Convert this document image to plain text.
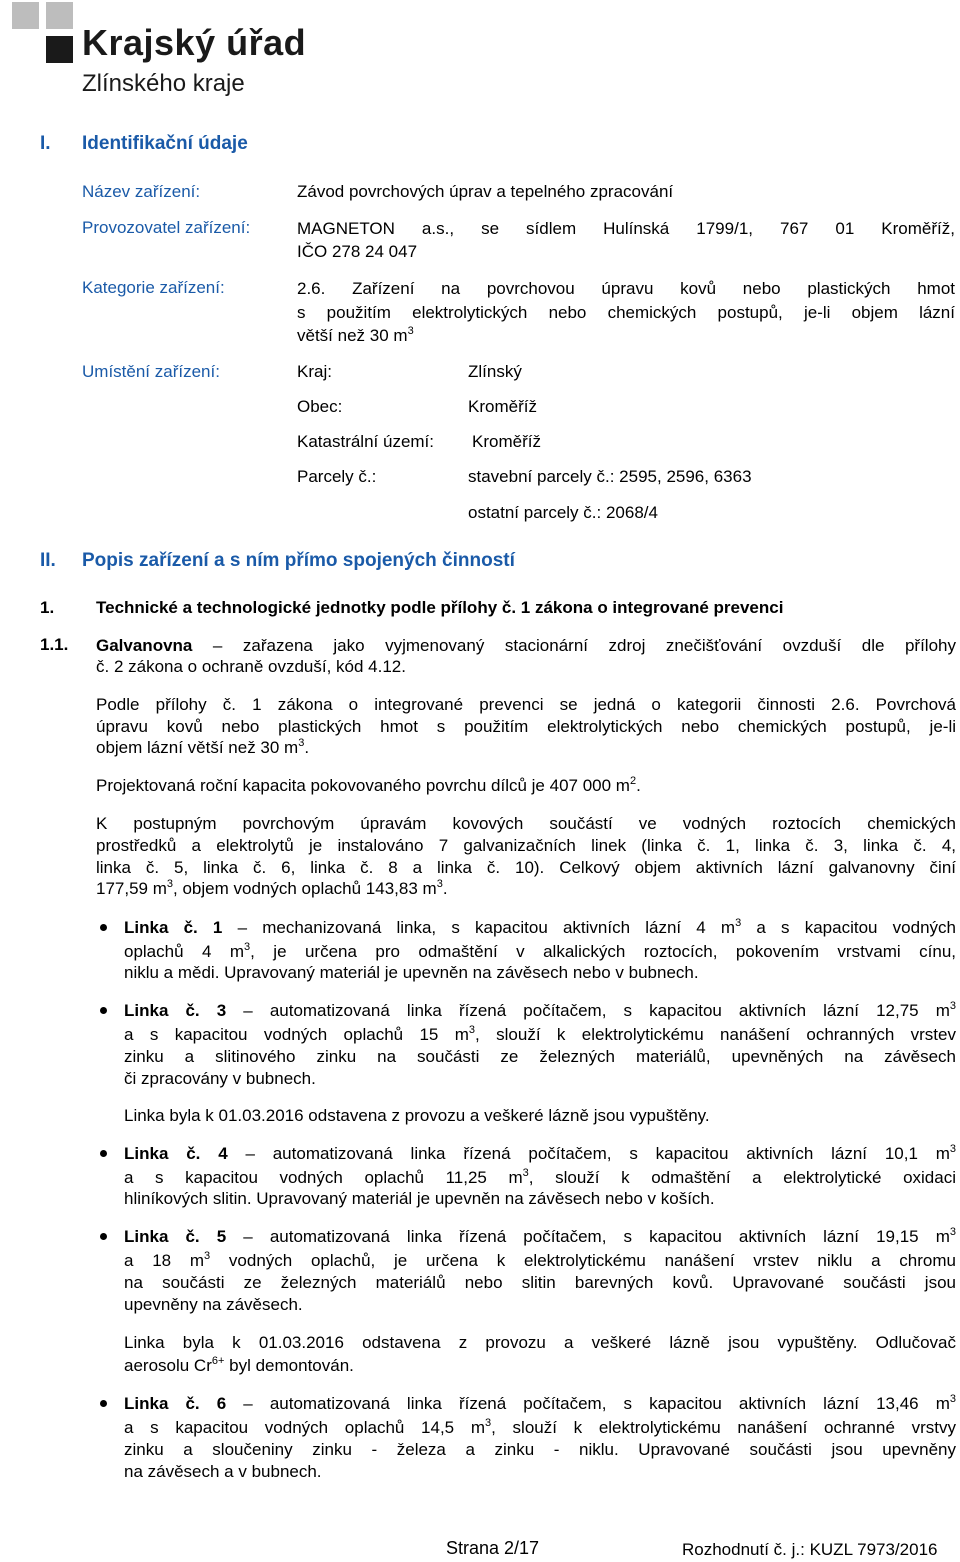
Krajský úřad
Zlínského kraje
I. Identifikační údaje
Název zařízení:	Závod povrchových úprav a tepelného zpracování
Provozovatel zařízení:	MAGNETON a.s., se sídlem Hulínská 1799/1, 767 01 Kroměříž,
IČO 278 24 047
Kategorie zařízení:	2.6. Zařízení na povrchovou úpravu kovů nebo plastických hmot
s použitím elektrolytických nebo chemických postupů, je-li objem lázní
větší než 30 $m^3$
Umístění zařízení:	Kraj:	Zlínský
Obec:	Kroměříž
Katastrální území: Kroměříž
Parcely č.:	stavební parcely č.: 2595, 2596, 6363
ostatní parcely č.: 2068/4
II. Popis zařízení a s ním přímo spojených činností
1. Technické a technologické jednotky podle přílohy č. 1 zákona o integrované prevenci
1.1. Galvanovna – zařazena jako vyjmenovaný stacionární zdroj znečišťování ovzduší dle přílohy
č. 2 zákona o ochraně ovzduší, kód 4.12.
Podle přílohy č. 1 zákona o integrované prevenci se jedná o kategorii činnosti 2.6. Povrchová
úpravu kovů nebo plastických hmot s použitím elektrolytických nebo chemických postupů, je-li
objem lázní větší než 30 $m^3$.
Projektovaná roční kapacita pokovovaného povrchu dílců je 407 000 $m^2$.
K postupným povrchovým úpravám kovových součástí ve vodných roztocích chemických
prostředků a elektrolytů je instalováno 7 galvanizačních linek (linka č. 1, linka č. 3, linka č. 4,
linka č. 5, linka č. 6, linka č. 8 a linka č. 10). Celkový objem aktivních lázní galvanovny činí
177,59 $m^3$, objem vodných oplachů 143,83 $m^3$.
Linka č. 1 – mechanizovaná linka, s kapacitou aktivních lázní 4 $m^3$ a s kapacitou vodných
oplachů 4 $m^3$, je určena pro odmaštění v alkalických roztocích, pokovením vrstvami cínu,
niklu a mědi. Upravovaný materiál je upevněn na závěsech nebo v bubnech.
Linka č. 3 – automatizovaná linka řízená počítačem, s kapacitou aktivních lázní 12,75 $m^3$
a s kapacitou vodných oplachů 15 $m^3$, slouží k elektrolytickému nanášení ochranných vrstev
zinku a slitinového zinku na součásti ze železných materiálů, upevněných na závěsech
či zpracovány v bubnech.
Linka byla k 01.03.2016 odstavena z provozu a veškeré lázně jsou vypuštěny.
Linka č. 4 – automatizovaná linka řízená počítačem, s kapacitou aktivních lázní 10,1 $m^3$
a s kapacitou vodných oplachů 11,25 $m^3$, slouží k odmaštění a elektrolytické oxidaci
hliníkových slitin. Upravovaný materiál je upevněn na závěsech nebo v koších.
Linka č. 5 – automatizovaná linka řízená počítačem, s kapacitou aktivních lázní 19,15 $m^3$
a 18 $m^3$ vodných oplachů, je určena k elektrolytickému nanášení vrstev niklu a chromu
na součásti ze železných materiálů nebo slitin barevných kovů. Upravované součásti jsou
upevněny na závěsech.
Linka byla k 01.03.2016 odstavena z provozu a veškeré lázně jsou vypuštěny. Odlučovač
aerosolu $Cr^{6+}$ byl demontován.
Linka č. 6 – automatizovaná linka řízená počítačem, s kapacitou aktivních lázní 13,46 $m^3$
a s kapacitou vodných oplachů 14,5 $m^3$, slouží k elektrolytickému nanášení ochranné vrstvy
zinku a sloučeniny zinku - železa a zinku - niklu. Upravované součásti jsou upevněny
na závěsech a v bubnech.
Strana 2/17	Rozhodnutí č. j.: KUZL 7973/2016
